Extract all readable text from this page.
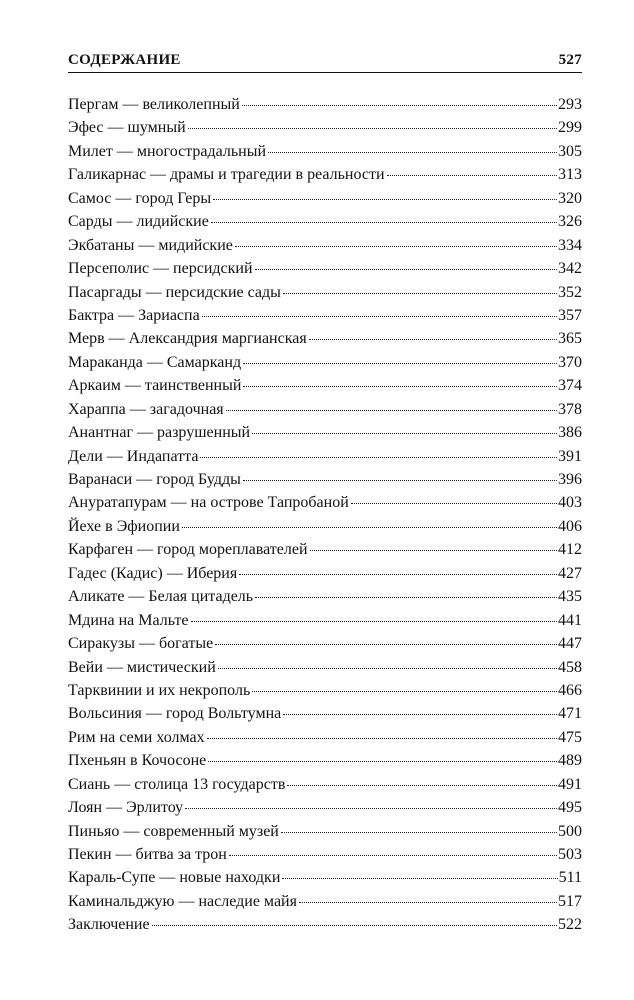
СОДЕРЖАНИЕ	527
Пергам — великолепный	293
Эфес — шумный	299
Милет — многострадальный	305
Галикарнас — драмы и трагедии в реальности	313
Самос — город Геры	320
Сарды — лидийские	326
Экбатаны — мидийские	334
Персеполис — персидский	342
Пасаргады — персидские сады	352
Бактра — Зариаспа	357
Мерв — Александрия маргианская	365
Мараканда — Самарканд	370
Аркаим — таинственный	374
Хараппа — загадочная	378
Анантнаг — разрушенный	386
Дели — Индапатта	391
Варанаси — город Будды	396
Ануратапурам — на острове Тапробаной	403
Йехе в Эфиопии	406
Карфаген — город мореплавателей	412
Гадес (Кадис) — Иберия	427
Аликате — Белая цитадель	435
Мдина на Мальте	441
Сиракузы — богатые	447
Вейи — мистический	458
Тарквинии и их некрополь	466
Вольсиния — город Вольтумна	471
Рим на семи холмах	475
Пхеньян в Кочосоне	489
Сиань — столица 13 государств	491
Лоян — Эрлитоу	495
Пиньяо — современный музей	500
Пекин — битва за трон	503
Караль-Супе — новые находки	511
Каминальджую — наследие майя	517
Заключение	522
